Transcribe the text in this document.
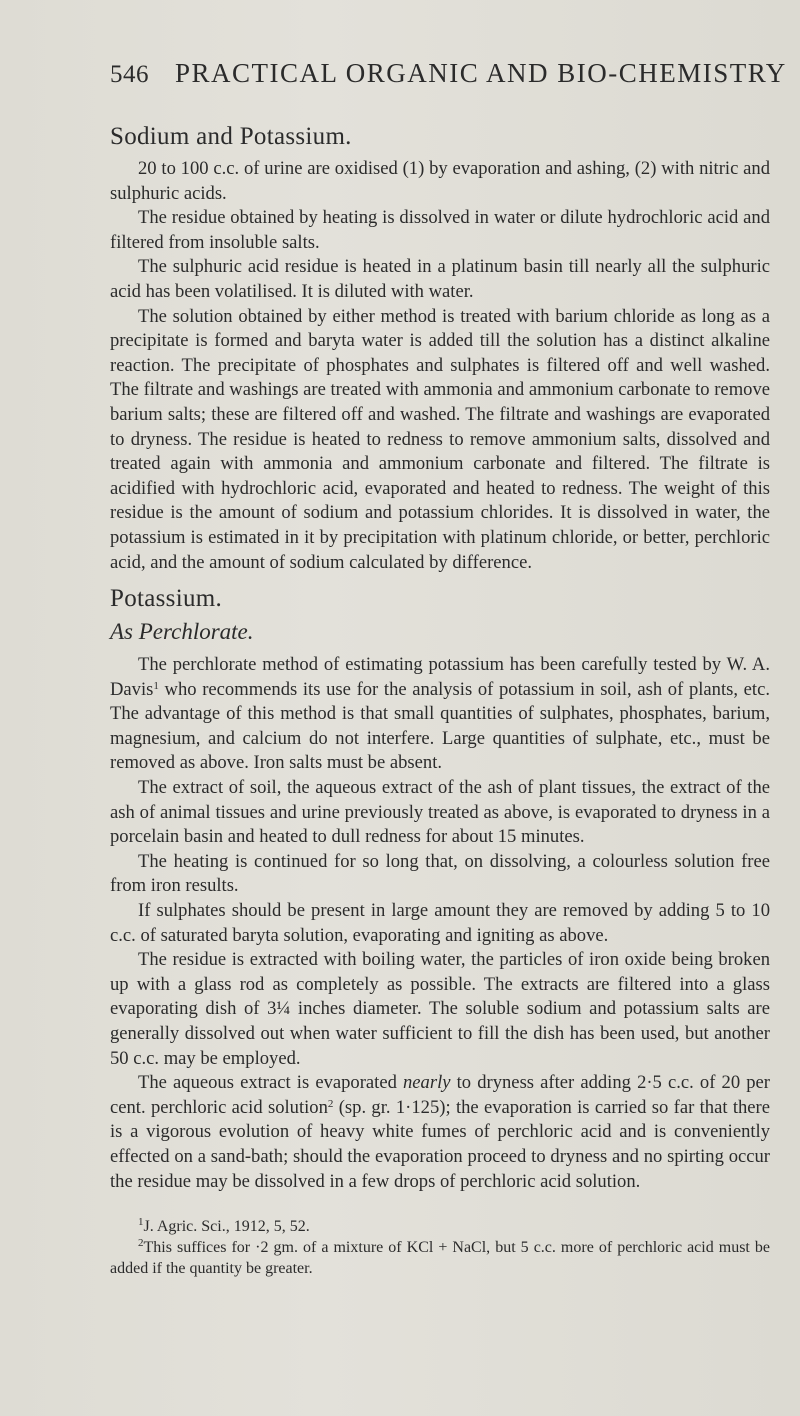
546 PRACTICAL ORGANIC AND BIO-CHEMISTRY
Sodium and Potassium.

20 to 100 c.c. of urine are oxidised (1) by evaporation and ashing, (2) with nitric and sulphuric acids.

The residue obtained by heating is dissolved in water or dilute hydrochloric acid and filtered from insoluble salts.

The sulphuric acid residue is heated in a platinum basin till nearly all the sulphuric acid has been volatilised. It is diluted with water.

The solution obtained by either method is treated with barium chloride as long as a precipitate is formed and baryta water is added till the solution has a distinct alkaline reaction. The precipitate of phosphates and sulphates is filtered off and well washed. The filtrate and washings are treated with ammonia and ammonium carbonate to remove barium salts; these are filtered off and washed. The filtrate and washings are evaporated to dryness. The residue is heated to redness to remove ammonium salts, dissolved and treated again with ammonia and ammonium carbonate and filtered. The filtrate is acidified with hydrochloric acid, evaporated and heated to redness. The weight of this residue is the amount of sodium and potassium chlorides. It is dissolved in water, the potassium is estimated in it by precipitation with platinum chloride, or better, perchloric acid, and the amount of sodium calculated by difference.

Potassium.
As Perchlorate.

The perchlorate method of estimating potassium has been carefully tested by W. A. Davis$^1$ who recommends its use for the analysis of potassium in soil, ash of plants, etc. The advantage of this method is that small quantities of sulphates, phosphates, barium, magnesium, and calcium do not interfere. Large quantities of sulphate, etc., must be removed as above. Iron salts must be absent.

The extract of soil, the aqueous extract of the ash of plant tissues, the extract of the ash of animal tissues and urine previously treated as above, is evaporated to dryness in a porcelain basin and heated to dull redness for about 15 minutes.

The heating is continued for so long that, on dissolving, a colourless solution free from iron results.

If sulphates should be present in large amount they are removed by adding 5 to 10 c.c. of saturated baryta solution, evaporating and igniting as above.

The residue is extracted with boiling water, the particles of iron oxide being broken up with a glass rod as completely as possible. The extracts are filtered into a glass evaporating dish of 3¼ inches diameter. The soluble sodium and potassium salts are generally dissolved out when water sufficient to fill the dish has been used, but another 50 c.c. may be employed.

The aqueous extract is evaporated nearly to dryness after adding 2·5 c.c. of 20 per cent. perchloric acid solution$^2$ (sp. gr. 1·125); the evaporation is carried so far that there is a vigorous evolution of heavy white fumes of perchloric acid and is conveniently effected on a sand-bath; should the evaporation proceed to dryness and no spirting occur the residue may be dissolved in a few drops of perchloric acid solution.

$^1$J. Agric. Sci., 1912, 5, 52.

$^2$This suffices for ·2 gm. of a mixture of KCl + NaCl, but 5 c.c. more of perchloric acid must be added if the quantity be greater.
